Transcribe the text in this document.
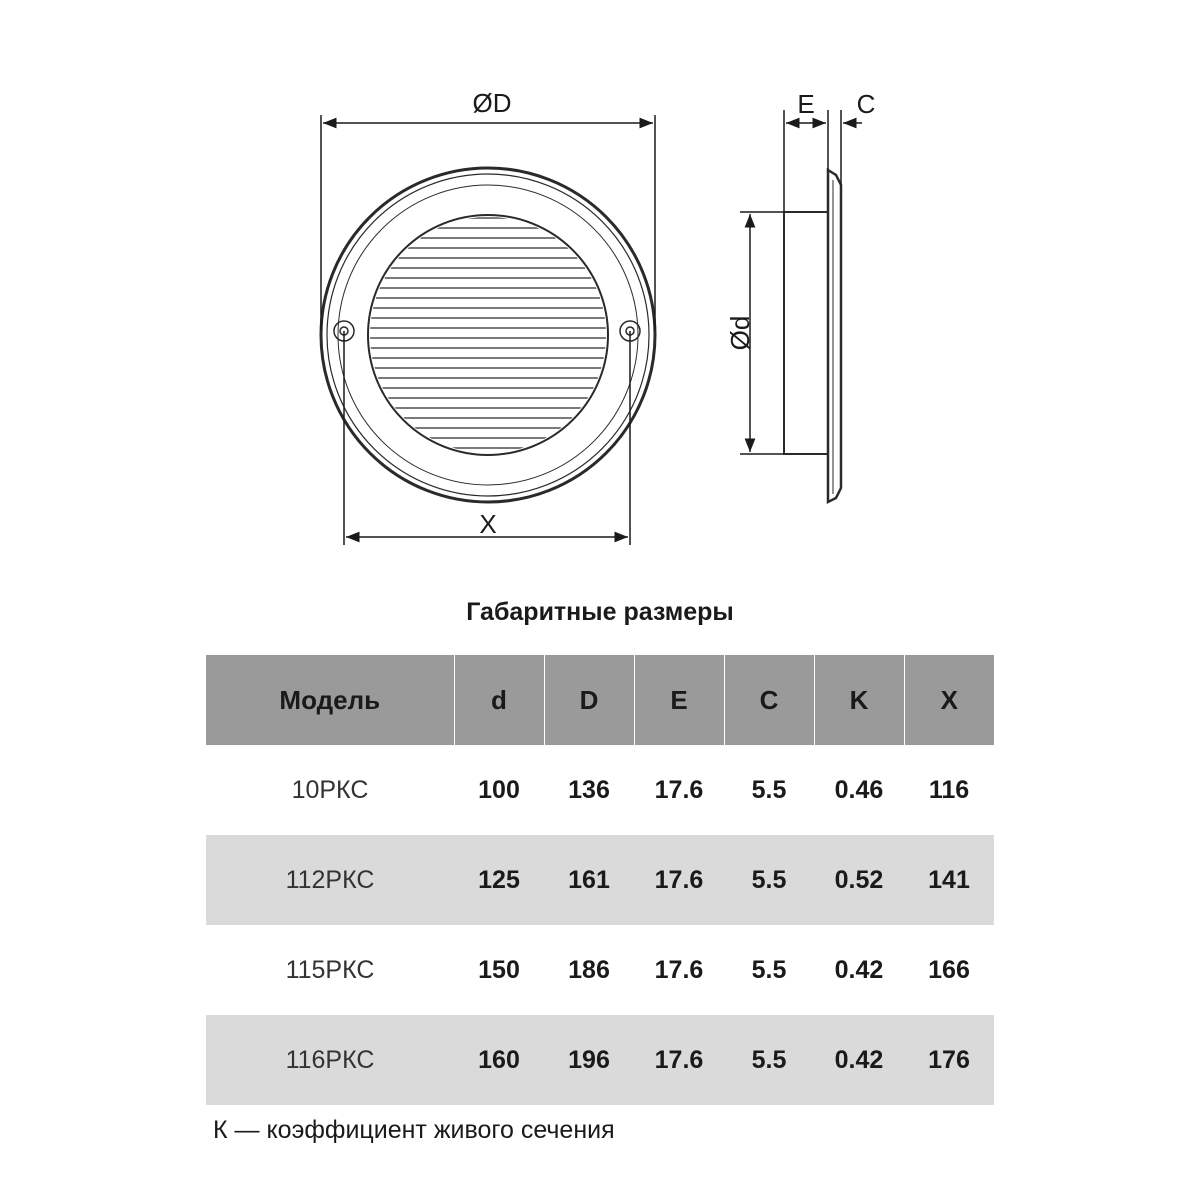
ØD
X
E C
Ød
Габаритные размеры
Модель	d	D	E	C	K	X
10РКС	100	136	17.6	5.5	0.46	116
112РКС	125	161	17.6	5.5	0.52	141
115РКС	150	186	17.6	5.5	0.42	166
116РКС	160	196	17.6	5.5	0.42	176
К — коэффициент живого сечения
